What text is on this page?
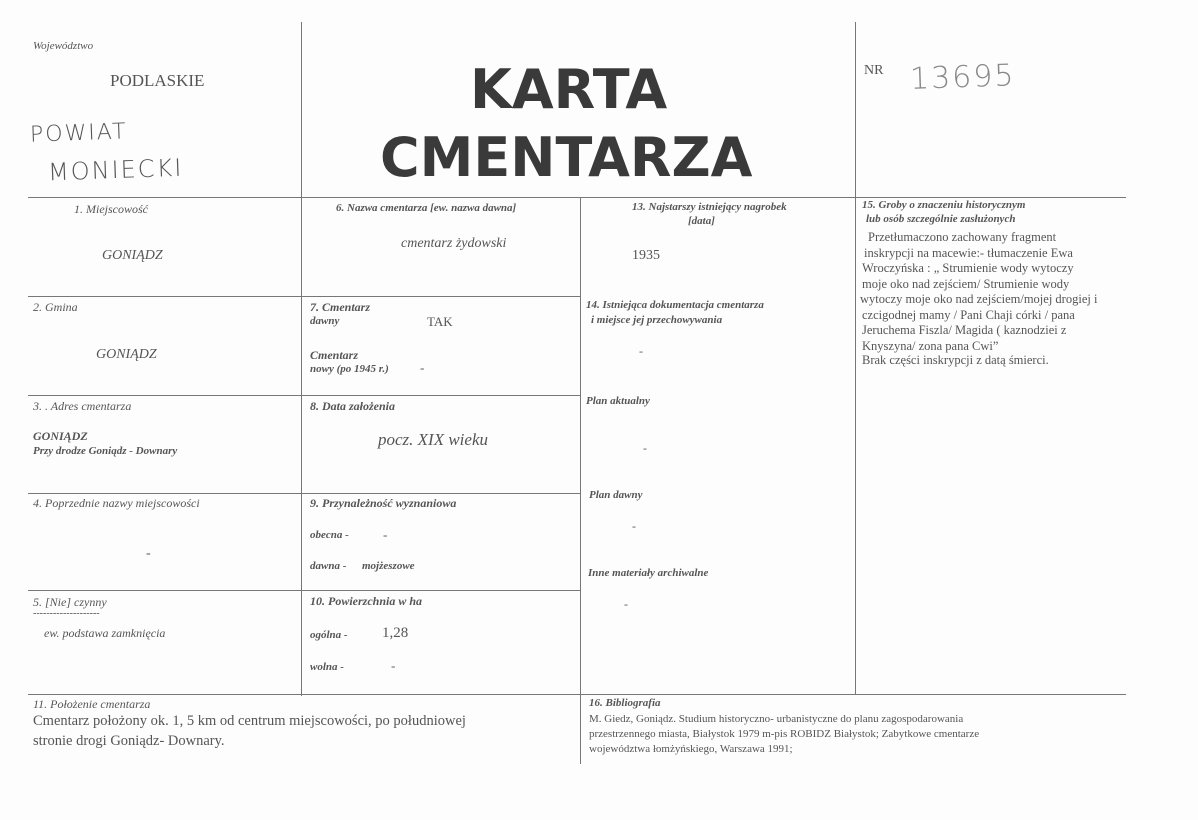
Województwo
PODLASKIE
POWIAT
MONIECKI
KARTA
CMENTARZA
NR 13695
1. Miejscowość
GONIĄDZ
2. Gmina
GONIĄDZ
3. . Adres cmentarza
GONIĄDZ
Przy drodze Goniądz - Downary
4. Poprzednie nazwy miejscowości
-
5. [Nie] czynny
--------------------
ew. podstawa zamknięcia
6. Nazwa cmentarza [ew. nazwa dawna]
cmentarz żydowski
7. Cmentarz
dawny	TAK
Cmentarz
nowy (po 1945 r.) -
8. Data założenia
pocz. XIX wieku
9. Przynależność wyznaniowa
obecna -	-
dawna - mojżeszowe
10. Powierzchnia w ha
ogólna - 1,28
wolna -	-
13. Najstarszy istniejący nagrobek
[data]
1935
14. Istniejąca dokumentacja cmentarza
i miejsce jej przechowywania
-
Plan aktualny
-
Plan dawny
-
Inne materiały archiwalne
-
15. Groby o znaczeniu historycznym
lub osób szczególnie zasłużonych
Przetłumaczono zachowany fragment
inskrypcji na macewie:- tłumaczenie Ewa
Wroczyńska : „ Strumienie wody wytoczy
moje oko nad zejściem/ Strumienie wody
wytoczy moje oko nad zejściem/mojej drogiej i
czcigodnej mamy / Pani Chaji córki / pana
Jeruchema Fiszla/ Magida ( kaznodziei z
Knyszyna/ zona pana Cwi”
Brak części inskrypcji z datą śmierci.
11. Położenie cmentarza
Cmentarz położony ok. 1, 5 km od centrum miejscowości, po południowej
stronie drogi Goniądz- Downary.
16. Bibliografia
M. Giedz, Goniądz. Studium historyczno- urbanistyczne do planu zagospodarowania
przestrzennego miasta, Białystok 1979 m-pis ROBIDZ Białystok; Zabytkowe cmentarze
województwa łomżyńskiego, Warszawa 1991;
